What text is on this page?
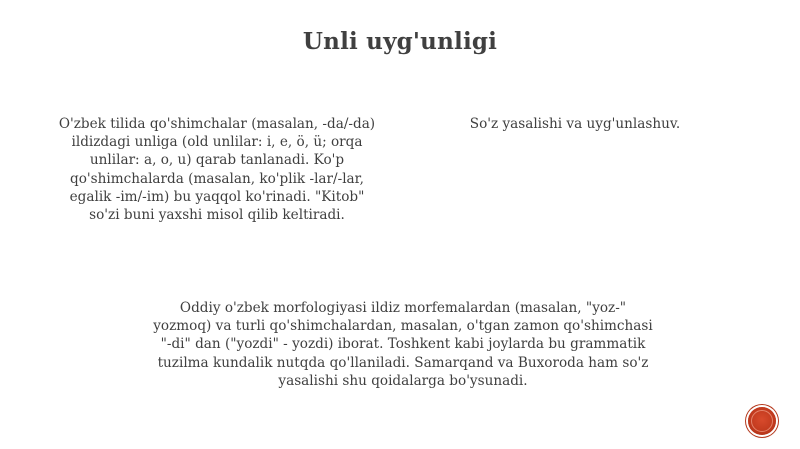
Unli uyg'unligi
O'zbek tilida qo'shimchalar (masalan, -da/-da) ildizdagi unliga (old unlilar: i, e, ö, ü; orqa unlilar: a, o, u) qarab tanlanadi. Ko'p qo'shimchalarda (masalan, ko'plik -lar/-lar, egalik -im/-im) bu yaqqol ko'rinadi. "Kitob" so'zi buni yaxshi misol qilib keltiradi.
So'z yasalishi va uyg'unlashuv.
Oddiy o'zbek morfologiyasi ildiz morfemalardan (masalan, "yoz-" yozmoq) va turli qo'shimchalardan, masalan, o'tgan zamon qo'shimchasi "-di" dan ("yozdi" - yozdi) iborat. Toshkent kabi joylarda bu grammatik tuzilma kundalik nutqda qo'llaniladi. Samarqand va Buxoroda ham so'z yasalishi shu qoidalarga bo'ysunadi.
